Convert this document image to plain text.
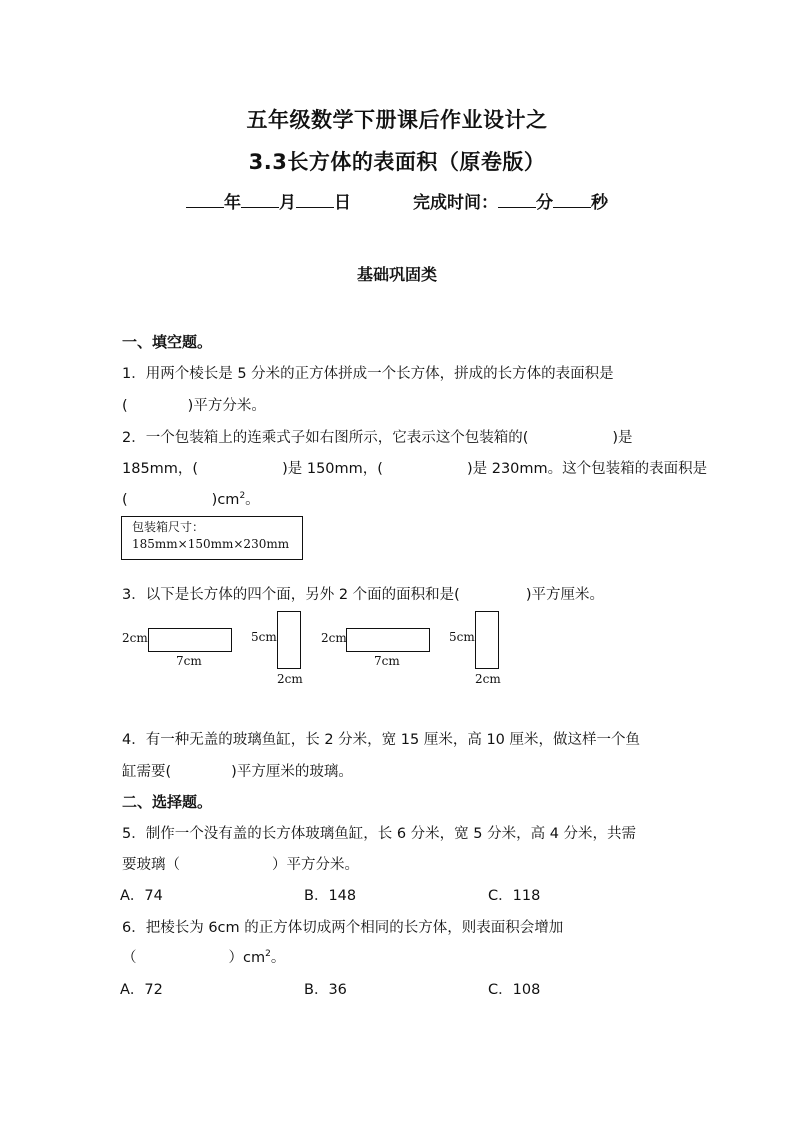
五年级数学下册课后作业设计之
3.3长方体的表面积（原卷版）
年 月 日	完成时间： 分 秒
基础巩固类
一、填空题。
1．用两个棱长是 5 分米的正方体拼成一个长方体，拼成的长方体的表面积是
(	)平方分米。
2．一个包装箱上的连乘式子如右图所示，它表示这个包装箱的(	)是
185mm，(	)是 150mm，(	)是 230mm。这个包装箱的表面积是
(	)$cm^2$。
包装箱尺寸：
185mm×150mm×230mm
3．以下是长方体的四个面，另外 2 个面的面积和是(	)平方厘米。
2cm
7cm
5cm
2cm
2cm
7cm
5cm
2cm
4．有一种无盖的玻璃鱼缸，长 2 分米，宽 15 厘米，高 10 厘米，做这样一个鱼
缸需要(	)平方厘米的玻璃。
二、选择题。
5．制作一个没有盖的长方体玻璃鱼缸，长 6 分米，宽 5 分米，高 4 分米，共需
要玻璃（	）平方分米。
A．74	B．148	C．118
6．把棱长为 6cm 的正方体切成两个相同的长方体，则表面积会增加
（	）$cm^2$。
A．72	B．36	C．108
